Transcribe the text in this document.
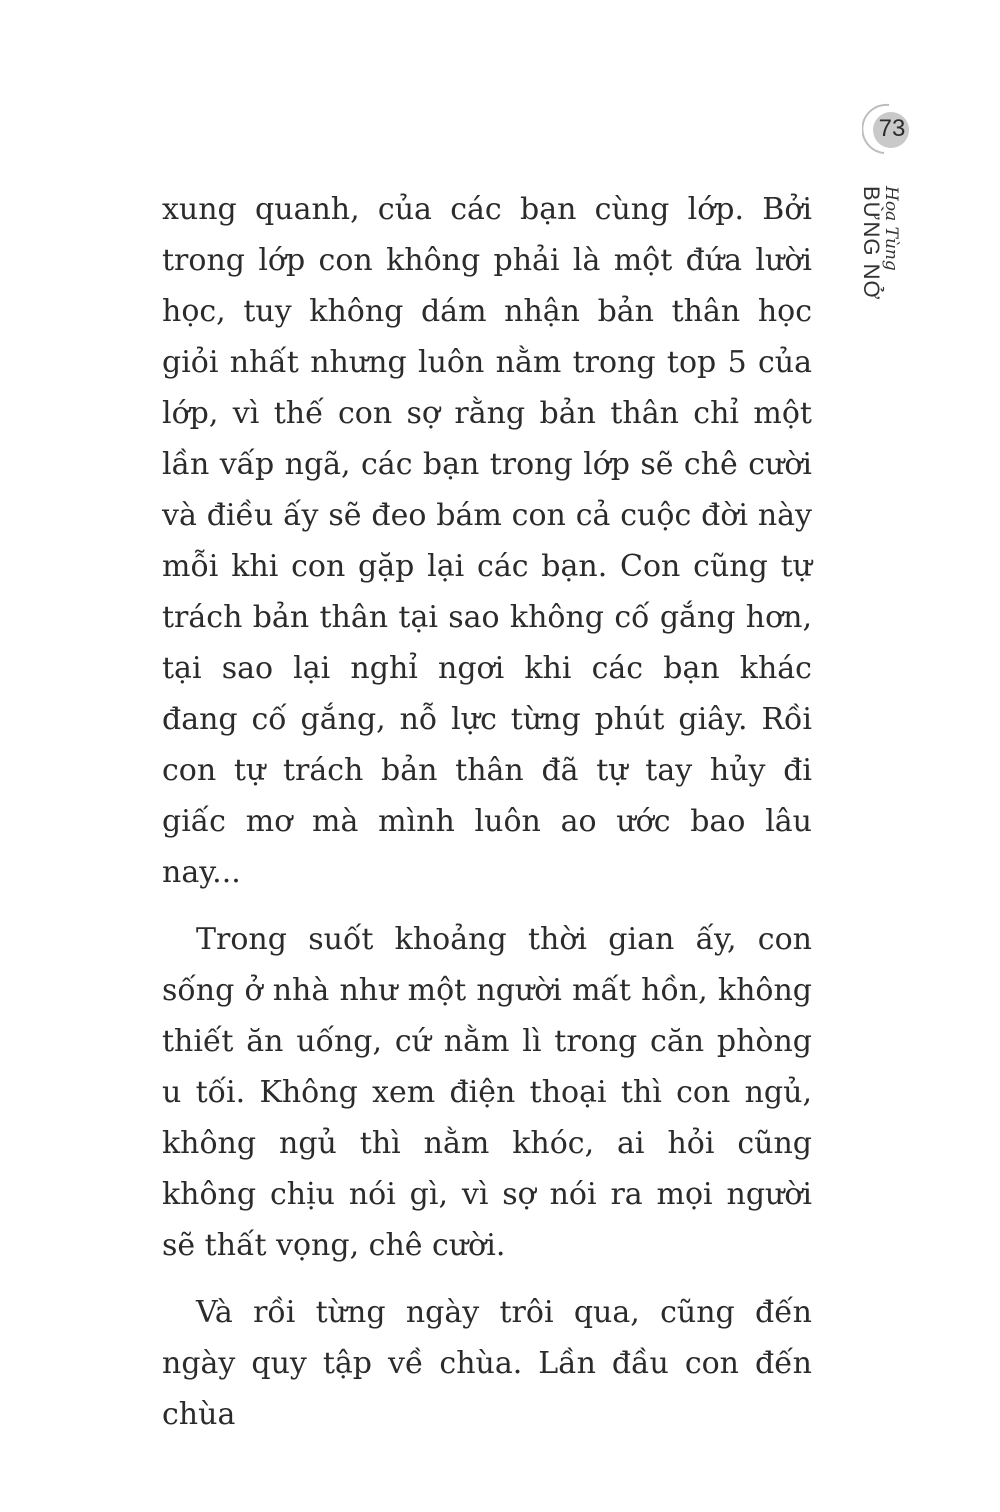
73
Hoa Tùng
BỪNG NỞ

xung quanh, của các bạn cùng lớp. Bởi trong lớp con không phải là một đứa lười học, tuy không dám nhận bản thân học giỏi nhất nhưng luôn nằm trong top 5 của lớp, vì thế con sợ rằng bản thân chỉ một lần vấp ngã, các bạn trong lớp sẽ chê cười và điều ấy sẽ đeo bám con cả cuộc đời này mỗi khi con gặp lại các bạn. Con cũng tự trách bản thân tại sao không cố gắng hơn, tại sao lại nghỉ ngơi khi các bạn khác đang cố gắng, nỗ lực từng phút giây. Rồi con tự trách bản thân đã tự tay hủy đi giấc mơ mà mình luôn ao ước bao lâu nay...

Trong suốt khoảng thời gian ấy, con sống ở nhà như một người mất hồn, không thiết ăn uống, cứ nằm lì trong căn phòng u tối. Không xem điện thoại thì con ngủ, không ngủ thì nằm khóc, ai hỏi cũng không chịu nói gì, vì sợ nói ra mọi người sẽ thất vọng, chê cười.

Và rồi từng ngày trôi qua, cũng đến ngày quy tập về chùa. Lần đầu con đến chùa
